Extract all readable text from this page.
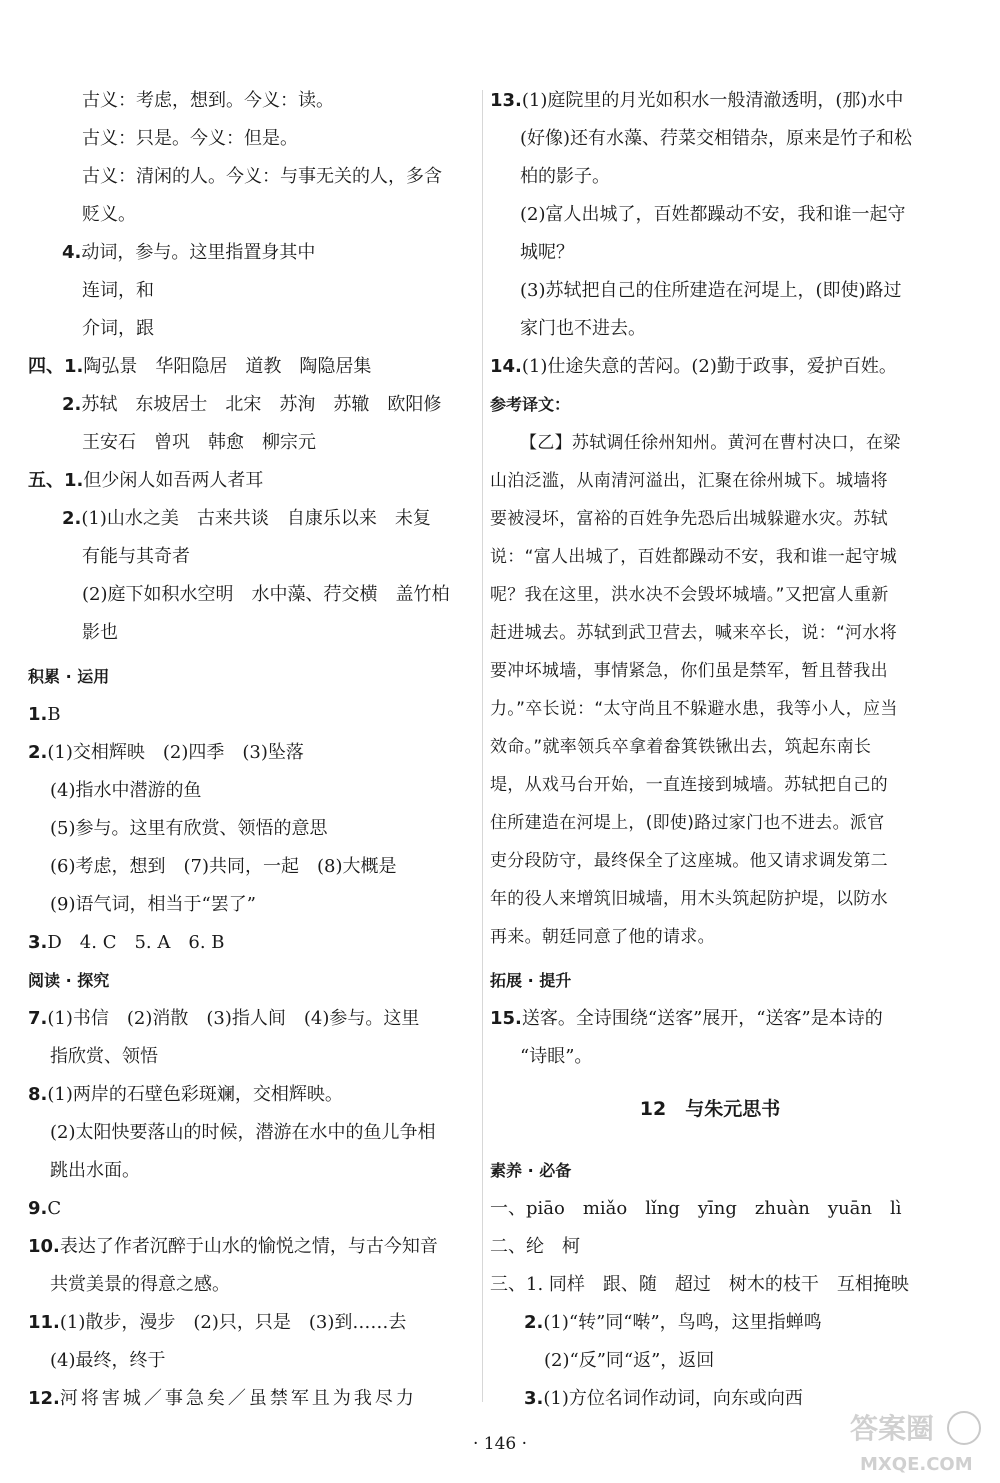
古义：考虑，想到。今义：读。
古义：只是。今义：但是。
古义：清闲的人。今义：与事无关的人，多含
贬义。
4.动词，参与。这里指置身其中
连词，和
介词，跟
四、1.陶弘景　华阳隐居　道教　陶隐居集
2.苏轼　东坡居士　北宋　苏洵　苏辙　欧阳修
王安石　曾巩　韩愈　柳宗元
五、1.但少闲人如吾两人者耳
2.(1)山水之美　古来共谈　自康乐以来　未复
有能与其奇者
(2)庭下如积水空明　水中藻、荇交横　盖竹柏
影也
积累 · 运用
1.B
2.(1)交相辉映　(2)四季　(3)坠落
(4)指水中潜游的鱼
(5)参与。这里有欣赏、领悟的意思
(6)考虑，想到　(7)共同，一起　(8)大概是
(9)语气词，相当于“罢了”
3.D　4. C　5. A　6. B
阅读 · 探究
7.(1)书信　(2)消散　(3)指人间　(4)参与。这里
指欣赏、领悟
8.(1)两岸的石壁色彩斑斓，交相辉映。
(2)太阳快要落山的时候，潜游在水中的鱼儿争相
跳出水面。
9.C
10.表达了作者沉醉于山水的愉悦之情，与古今知音
共赏美景的得意之感。
11.(1)散步，漫步　(2)只，只是　(3)到……去
(4)最终，终于
12.河将害城／事急矣／虽禁军且为我尽力
13.(1)庭院里的月光如积水一般清澈透明，(那)水中
(好像)还有水藻、荇菜交相错杂，原来是竹子和松
柏的影子。
(2)富人出城了，百姓都躁动不安，我和谁一起守
城呢？
(3)苏轼把自己的住所建造在河堤上，(即使)路过
家门也不进去。
14.(1)仕途失意的苦闷。(2)勤于政事，爱护百姓。
参考译文：
【乙】苏轼调任徐州知州。黄河在曹村决口，在梁
山泊泛滥，从南清河溢出，汇聚在徐州城下。城墙将
要被浸坏，富裕的百姓争先恐后出城躲避水灾。苏轼
说：“富人出城了，百姓都躁动不安，我和谁一起守城
呢？我在这里，洪水决不会毁坏城墙。”又把富人重新
赶进城去。苏轼到武卫营去，喊来卒长，说：“河水将
要冲坏城墙，事情紧急，你们虽是禁军，暂且替我出
力。”卒长说：“太守尚且不躲避水患，我等小人，应当
效命。”就率领兵卒拿着畚箕铁锹出去，筑起东南长
堤，从戏马台开始，一直连接到城墙。苏轼把自己的
住所建造在河堤上，(即使)路过家门也不进去。派官
吏分段防守，最终保全了这座城。他又请求调发第二
年的役人来增筑旧城墙，用木头筑起防护堤，以防水
再来。朝廷同意了他的请求。
拓展 · 提升
15.送客。全诗围绕“送客”展开，“送客”是本诗的
“诗眼”。
12　与朱元思书
素养 · 必备
一、piāo　miǎo　lǐng　yīng　zhuàn　yuān　lì
二、纶　柯
三、1. 同样　跟、随　超过　树木的枝干　互相掩映
2.(1)“转”同“啭”，鸟鸣，这里指蝉鸣
(2)“反”同“返”，返回
3.(1)方位名词作动词，向东或向西
· 146 ·	答案圈
MXQE.COM
